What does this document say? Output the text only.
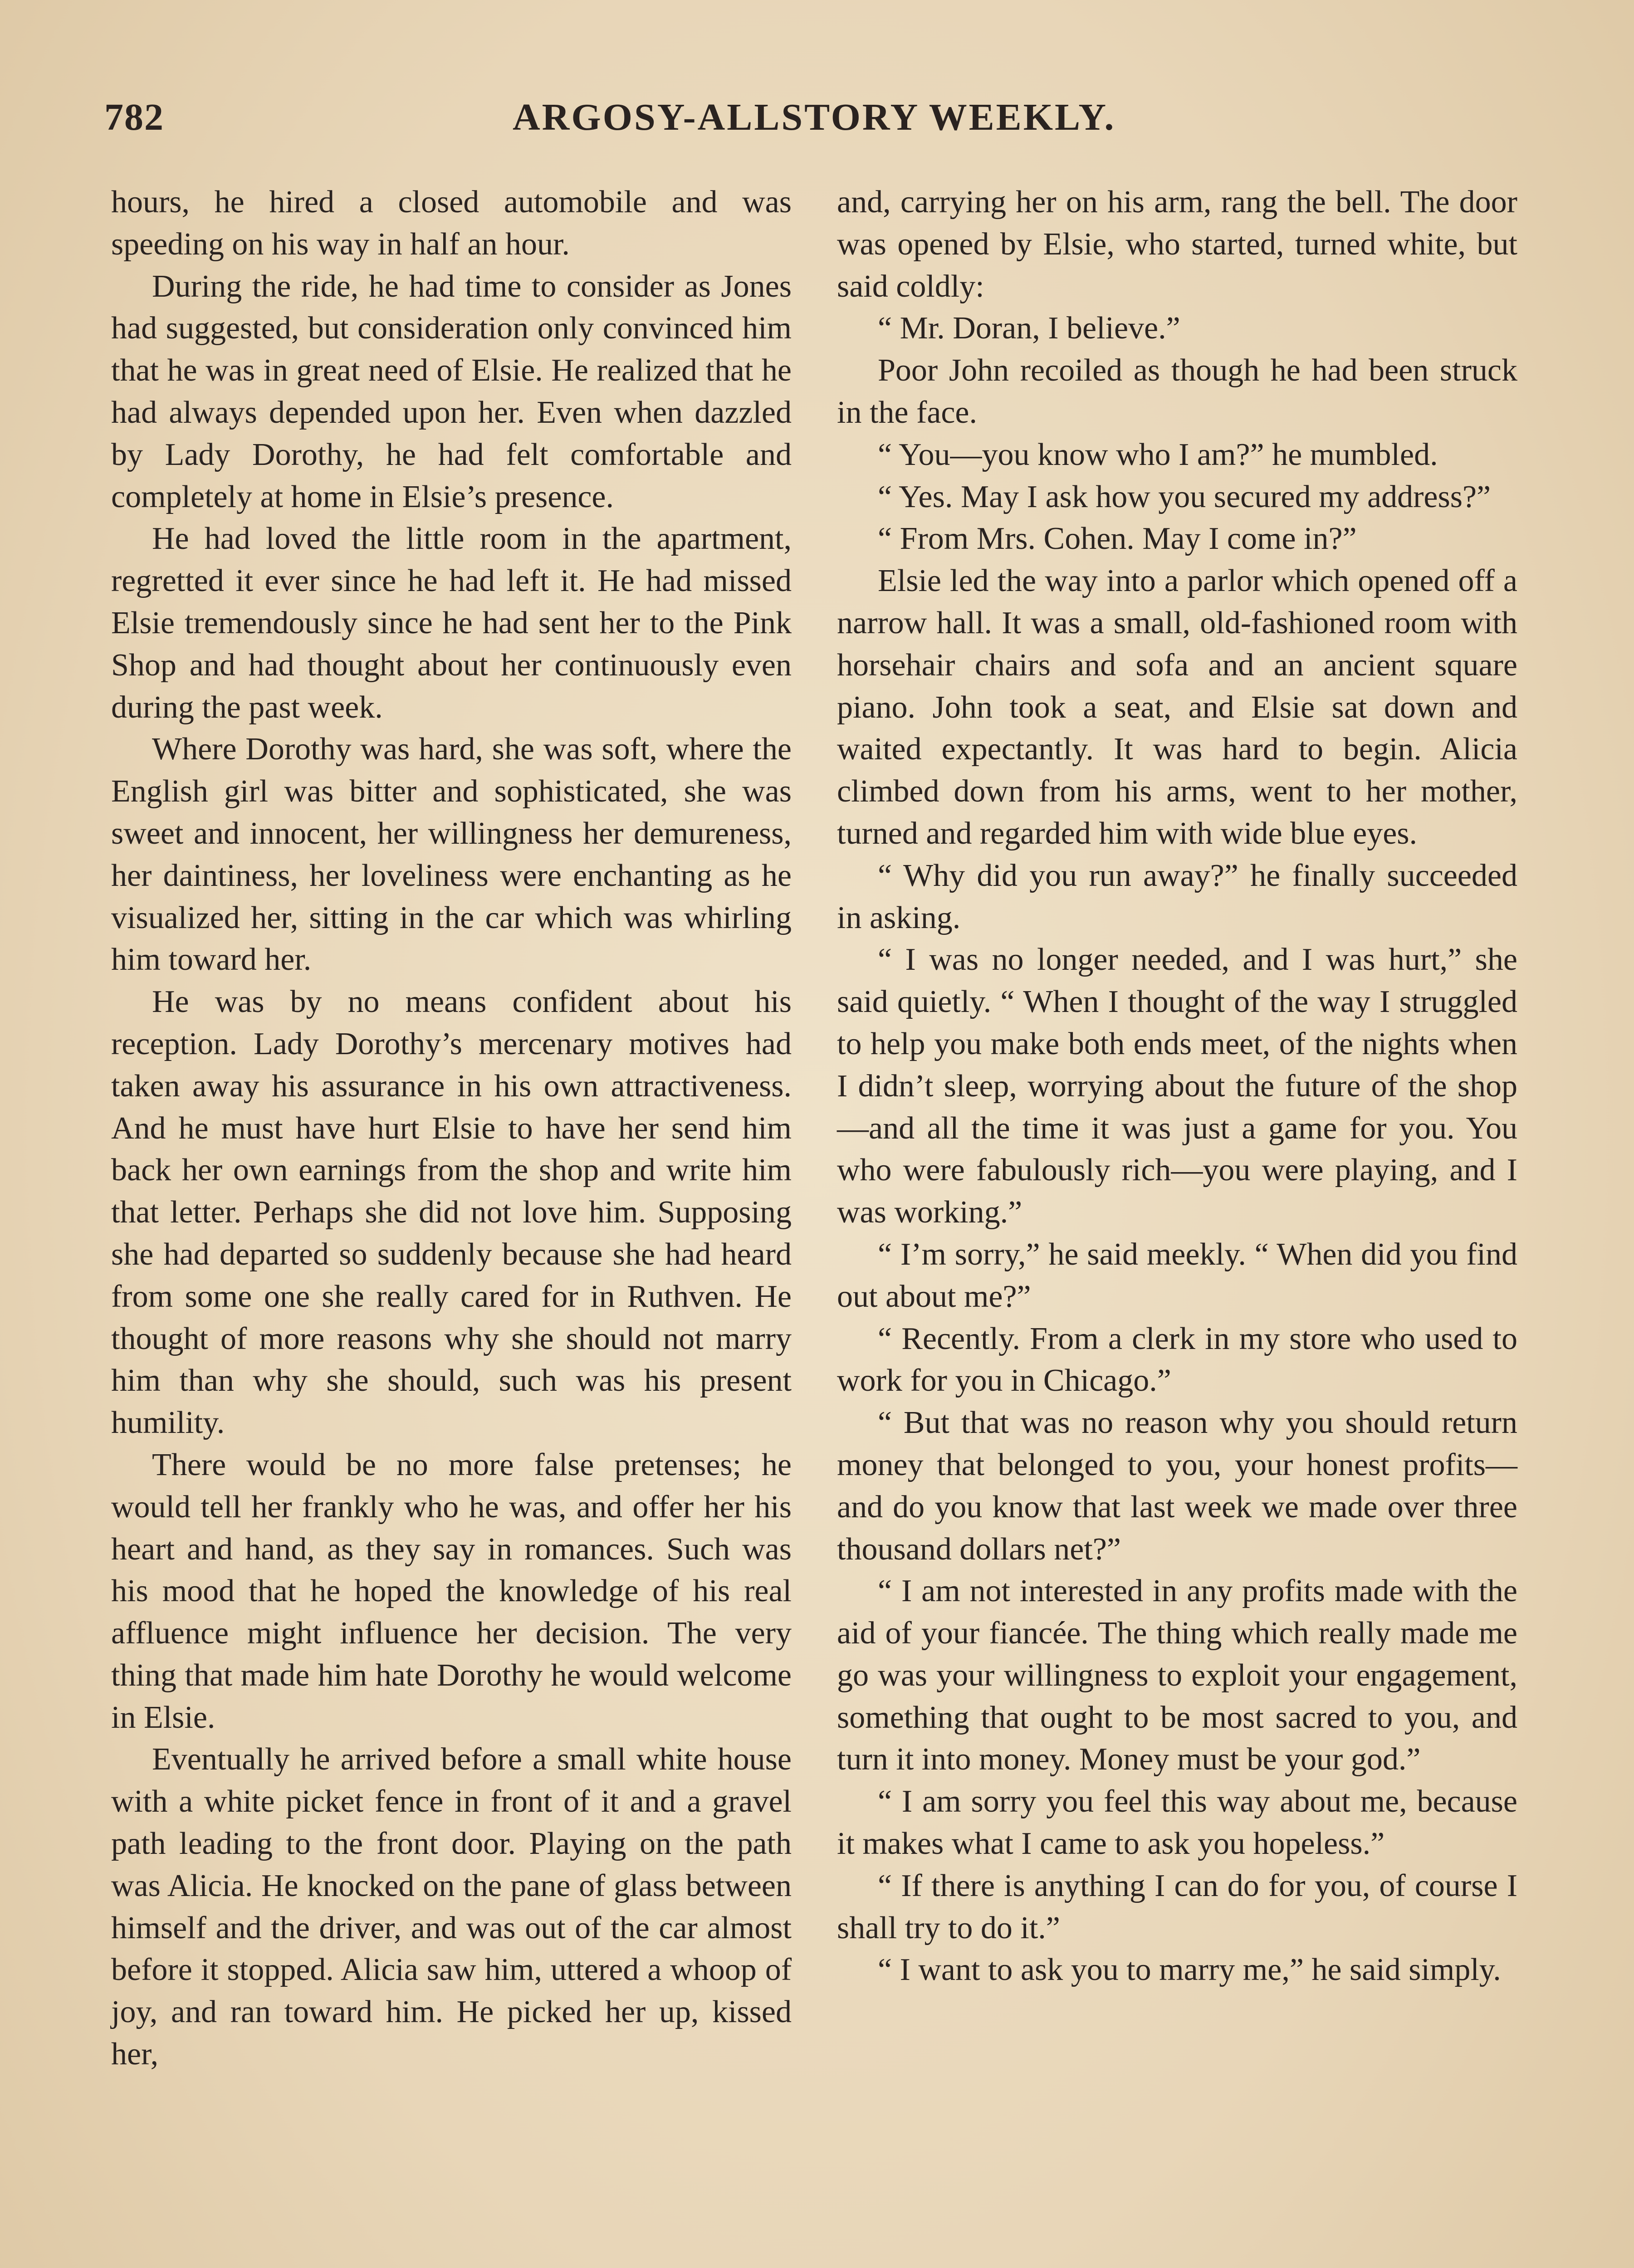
782	ARGOSY-ALLSTORY WEEKLY.

hours, he hired a closed automobile and was speeding on his way in half an hour.

During the ride, he had time to consider as Jones had suggested, but consideration only convinced him that he was in great need of Elsie. He realized that he had always depended upon her. Even when dazzled by Lady Dorothy, he had felt comfortable and completely at home in Elsie’s presence.

He had loved the little room in the apartment, regretted it ever since he had left it. He had missed Elsie tremendously since he had sent her to the Pink Shop and had thought about her continuously even during the past week.

Where Dorothy was hard, she was soft, where the English girl was bitter and sophisticated, she was sweet and innocent, her willingness her demureness, her daintiness, her loveliness were enchanting as he visualized her, sitting in the car which was whirling him toward her.

He was by no means confident about his reception. Lady Dorothy’s mercenary motives had taken away his assurance in his own attractiveness. And he must have hurt Elsie to have her send him back her own earnings from the shop and write him that letter. Perhaps she did not love him. Supposing she had departed so suddenly because she had heard from some one she really cared for in Ruthven. He thought of more reasons why she should not marry him than why she should, such was his present humility.

There would be no more false pretenses; he would tell her frankly who he was, and offer her his heart and hand, as they say in romances. Such was his mood that he hoped the knowledge of his real affluence might influence her decision. The very thing that made him hate Dorothy he would welcome in Elsie.

Eventually he arrived before a small white house with a white picket fence in front of it and a gravel path leading to the front door. Playing on the path was Alicia. He knocked on the pane of glass between himself and the driver, and was out of the car almost before it stopped. Alicia saw him, uttered a whoop of joy, and ran toward him. He picked her up, kissed her,

and, carrying her on his arm, rang the bell. The door was opened by Elsie, who started, turned white, but said coldly:

“ Mr. Doran, I believe.”

Poor John recoiled as though he had been struck in the face.

“ You—you know who I am?” he mumbled.

“ Yes. May I ask how you secured my address?”

“ From Mrs. Cohen. May I come in?”

Elsie led the way into a parlor which opened off a narrow hall. It was a small, old-fashioned room with horsehair chairs and sofa and an ancient square piano. John took a seat, and Elsie sat down and waited expectantly. It was hard to begin. Alicia climbed down from his arms, went to her mother, turned and regarded him with wide blue eyes.

“ Why did you run away?” he finally succeeded in asking.

“ I was no longer needed, and I was hurt,” she said quietly. “ When I thought of the way I struggled to help you make both ends meet, of the nights when I didn’t sleep, worrying about the future of the shop —and all the time it was just a game for you. You who were fabulously rich—you were playing, and I was working.”

“ I’m sorry,” he said meekly. “ When did you find out about me?”

“ Recently. From a clerk in my store who used to work for you in Chicago.”

“ But that was no reason why you should return money that belonged to you, your honest profits—and do you know that last week we made over three thousand dollars net?”

“ I am not interested in any profits made with the aid of your fiancée. The thing which really made me go was your willingness to exploit your engagement, something that ought to be most sacred to you, and turn it into money. Money must be your god.”

“ I am sorry you feel this way about me, because it makes what I came to ask you hopeless.”

“ If there is anything I can do for you, of course I shall try to do it.”

“ I want to ask you to marry me,” he said simply.
